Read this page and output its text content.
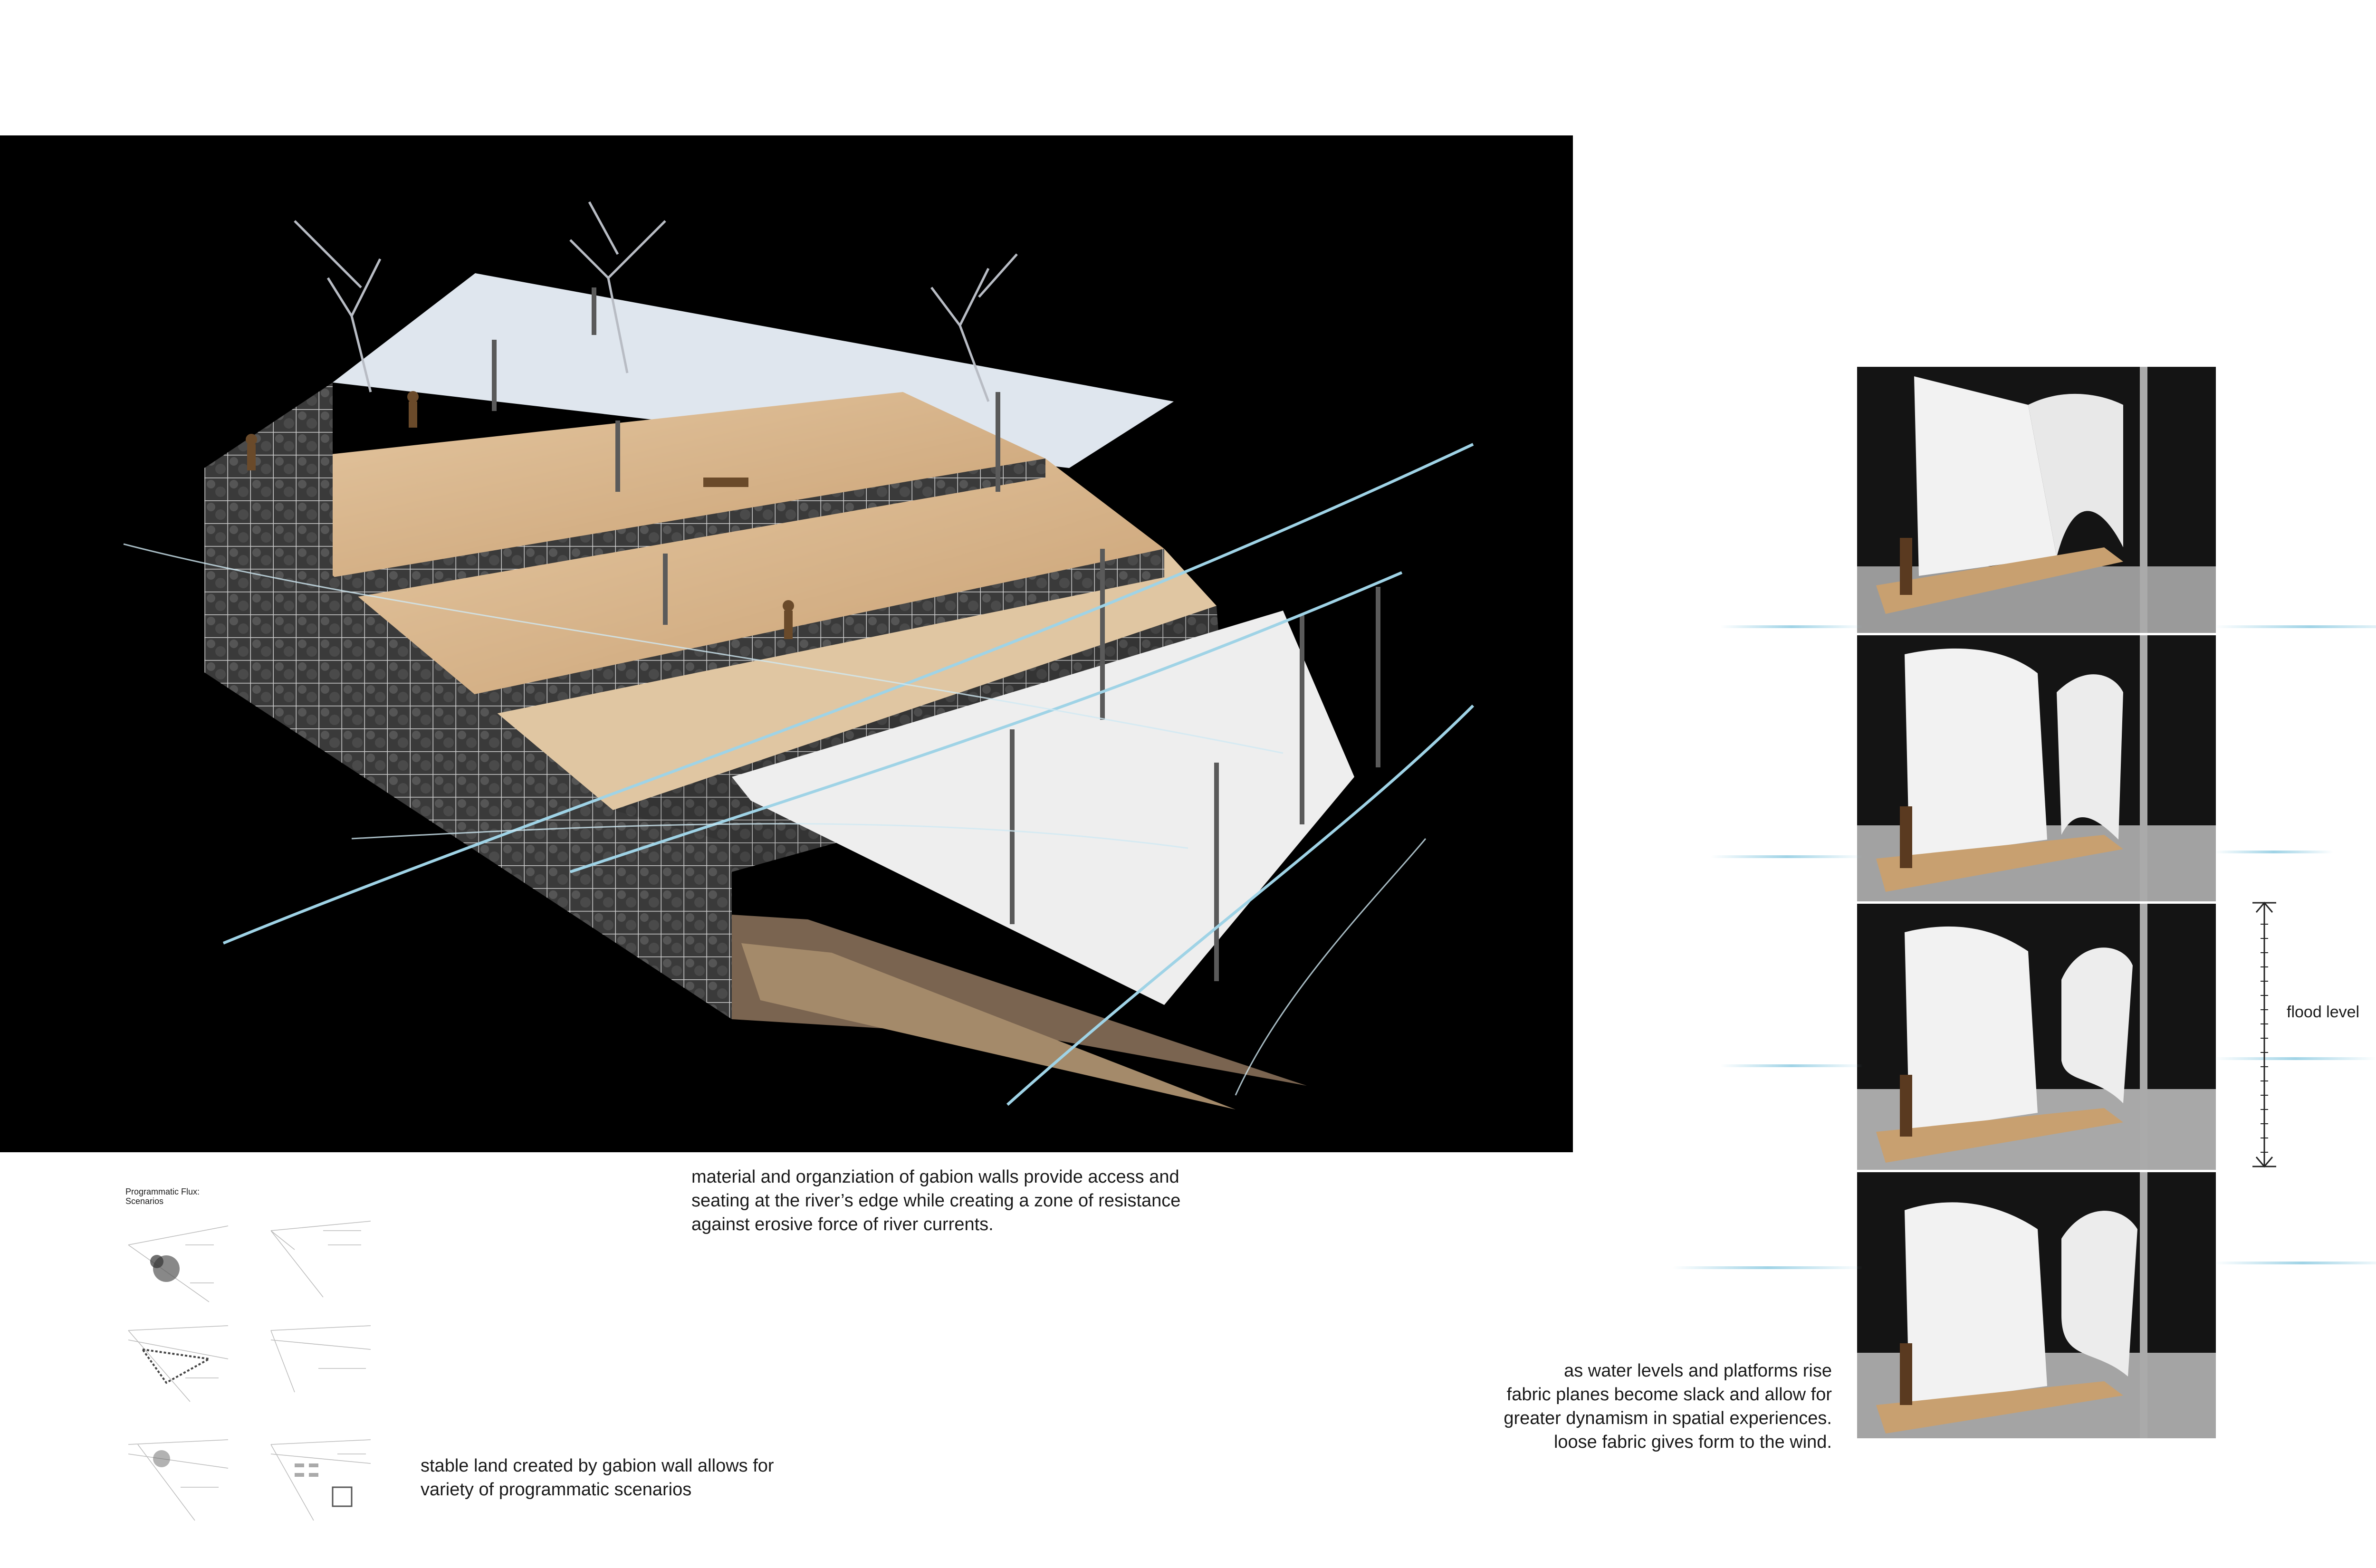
material and organziation of gabion walls provide access and
seating at the river’s edge while creating a zone of resistance
against erosive force of river currents.

stable land created by gabion wall allows for
variety of programmatic scenarios

as water levels and platforms rise
fabric planes become slack and allow for
greater dynamism in spatial experiences.
loose fabric gives form to the wind.

Programmatic Flux:
Scenarios
flood level
